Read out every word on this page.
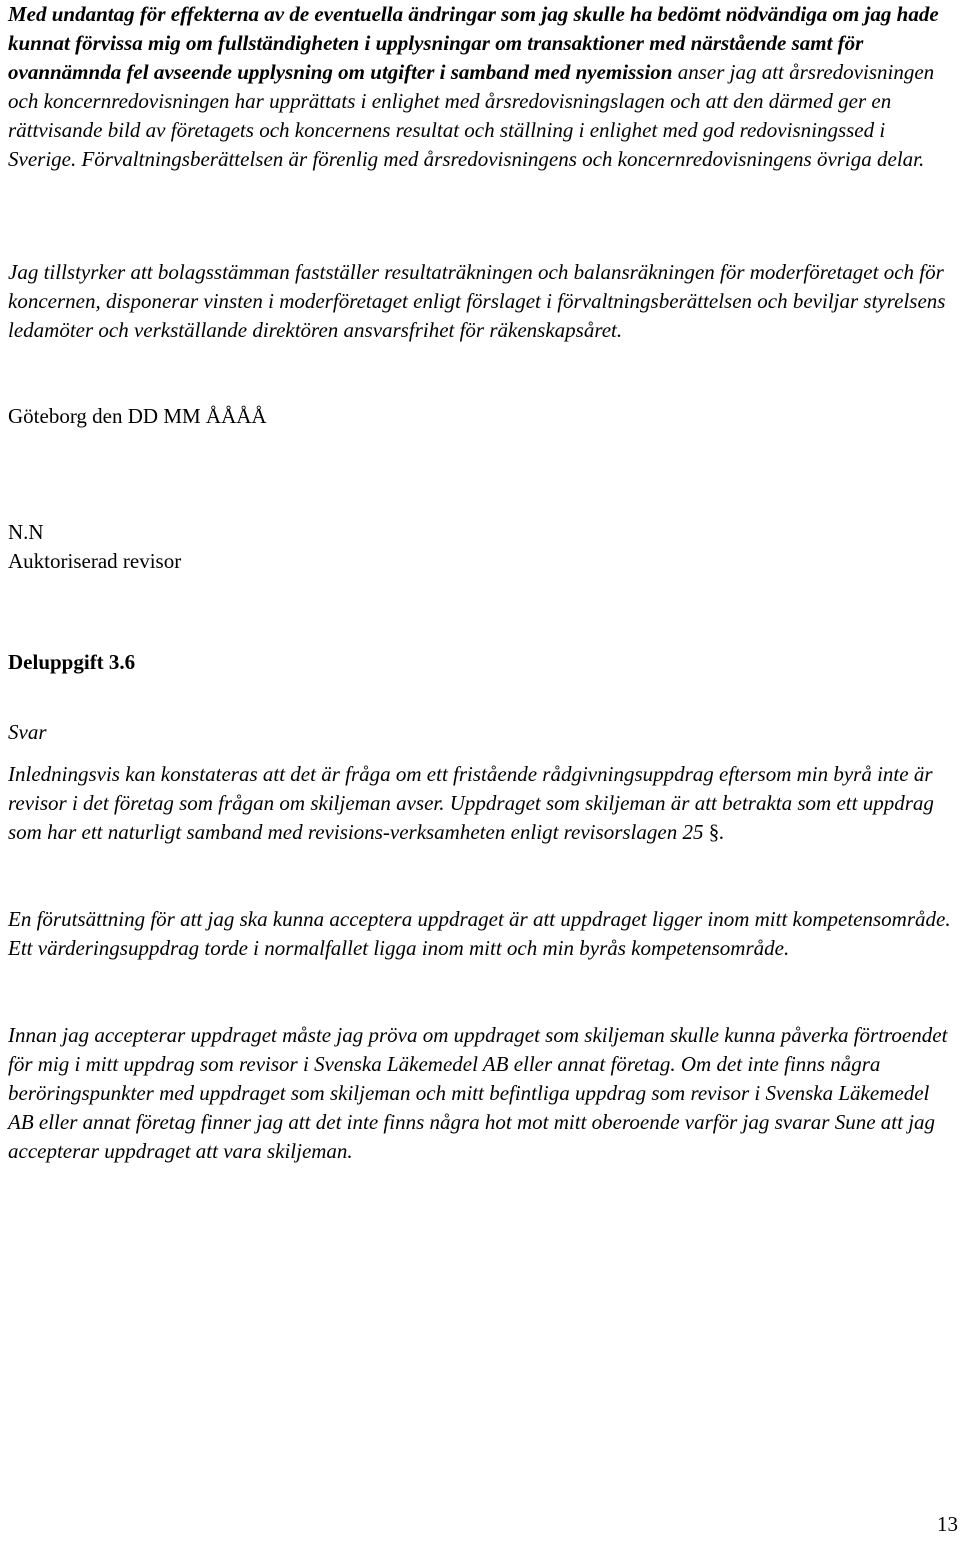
Med undantag för effekterna av de eventuella ändringar som jag skulle ha bedömt nödvändiga om jag hade kunnat förvissa mig om fullständigheten i upplysningar om transaktioner med närstående samt för ovannämnda fel avseende upplysning om utgifter i samband med nyemission anser jag att årsredovisningen och koncernredovisningen har upprättats i enlighet med årsredovisningslagen och att den därmed ger en rättvisande bild av företagets och koncernens resultat och ställning i enlighet med god redovisningssed i Sverige. Förvaltningsberättelsen är förenlig med årsredovisningens och koncernredovisningens övriga delar.

Jag tillstyrker att bolagsstämman fastställer resultaträkningen och balansräkningen för moderföretaget och för koncernen, disponerar vinsten i moderföretaget enligt förslaget i förvaltningsberättelsen och beviljar styrelsens ledamöter och verkställande direktören ansvarsfrihet för räkenskapsåret.

Göteborg den DD MM ÅÅÅÅ

N.N

Auktoriserad revisor

Deluppgift 3.6

Svar

Inledningsvis kan konstateras att det är fråga om ett fristående rådgivningsuppdrag eftersom min byrå inte är revisor i det företag som frågan om skiljeman avser. Uppdraget som skiljeman är att betrakta som ett uppdrag som har ett naturligt samband med revisions-verksamheten enligt revisorslagen 25 §.

En förutsättning för att jag ska kunna acceptera uppdraget är att uppdraget ligger inom mitt kompetensområde. Ett värderingsuppdrag torde i normalfallet ligga inom mitt och min byrås kompetensområde.

Innan jag accepterar uppdraget måste jag pröva om uppdraget som skiljeman skulle kunna påverka förtroendet för mig i mitt uppdrag som revisor i Svenska Läkemedel AB eller annat företag. Om det inte finns några beröringspunkter med uppdraget som skiljeman och mitt befintliga uppdrag som revisor i Svenska Läkemedel AB eller annat företag finner jag att det inte finns några hot mot mitt oberoende varför jag svarar Sune att jag accepterar uppdraget att vara skiljeman.

13
